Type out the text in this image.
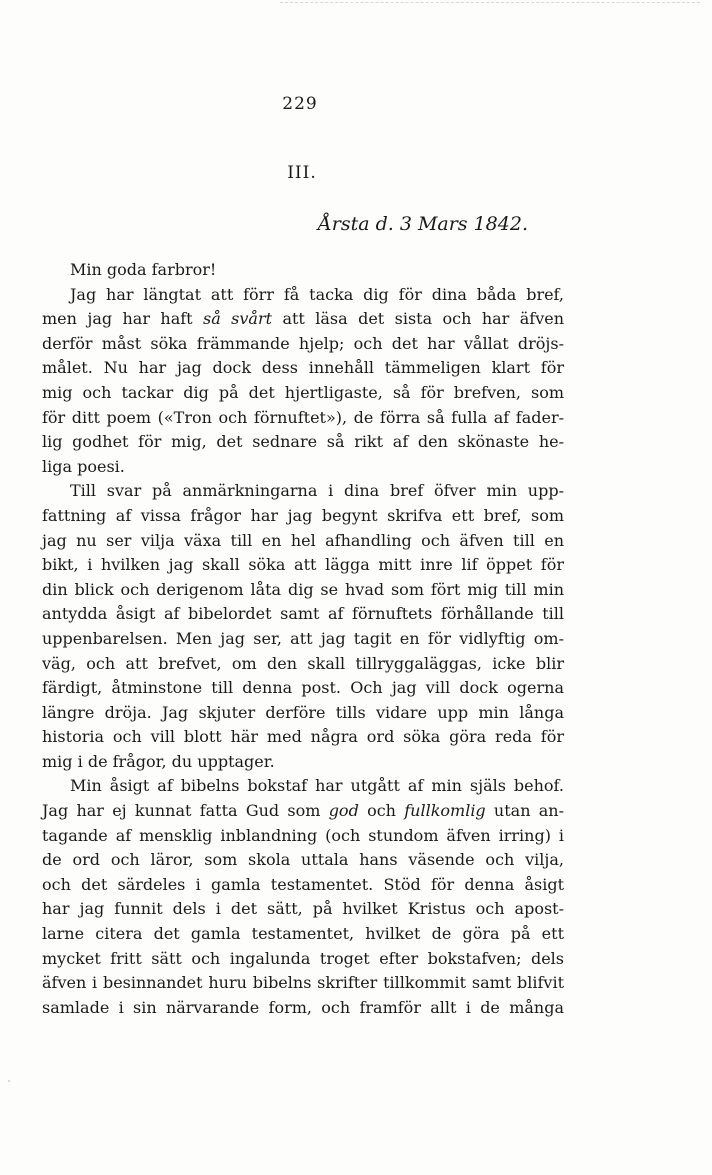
229
III.
Årsta d. 3 Mars 1842.
Min goda farbror!
Jag har längtat att förr få tacka dig för dina båda bref,
men jag har haft så svårt att läsa det sista och har äfven
derför måst söka främmande hjelp; och det har vållat dröjs-
målet. Nu har jag dock dess innehåll tämmeligen klart för
mig och tackar dig på det hjertligaste, så för brefven, som
för ditt poem («Tron och förnuftet»), de förra så fulla af fader-
lig godhet för mig, det sednare så rikt af den skönaste he-
liga poesi.
Till svar på anmärkningarna i dina bref öfver min upp-
fattning af vissa frågor har jag begynt skrifva ett bref, som
jag nu ser vilja växa till en hel afhandling och äfven till en
bikt, i hvilken jag skall söka att lägga mitt inre lif öppet för
din blick och derigenom låta dig se hvad som fört mig till min
antydda åsigt af bibelordet samt af förnuftets förhållande till
uppenbarelsen. Men jag ser, att jag tagit en för vidlyftig om-
väg, och att brefvet, om den skall tillryggaläggas, icke blir
färdigt, åtminstone till denna post. Och jag vill dock ogerna
längre dröja. Jag skjuter derföre tills vidare upp min långa
historia och vill blott här med några ord söka göra reda för
mig i de frågor, du upptager.
Min åsigt af bibelns bokstaf har utgått af min själs behof.
Jag har ej kunnat fatta Gud som god och fullkomlig utan an-
tagande af mensklig inblandning (och stundom äfven irring) i
de ord och läror, som skola uttala hans väsende och vilja,
och det särdeles i gamla testamentet. Stöd för denna åsigt
har jag funnit dels i det sätt, på hvilket Kristus och apost-
larne citera det gamla testamentet, hvilket de göra på ett
mycket fritt sätt och ingalunda troget efter bokstafven; dels
äfven i besinnandet huru bibelns skrifter tillkommit samt blifvit
samlade i sin närvarande form, och framför allt i de många
